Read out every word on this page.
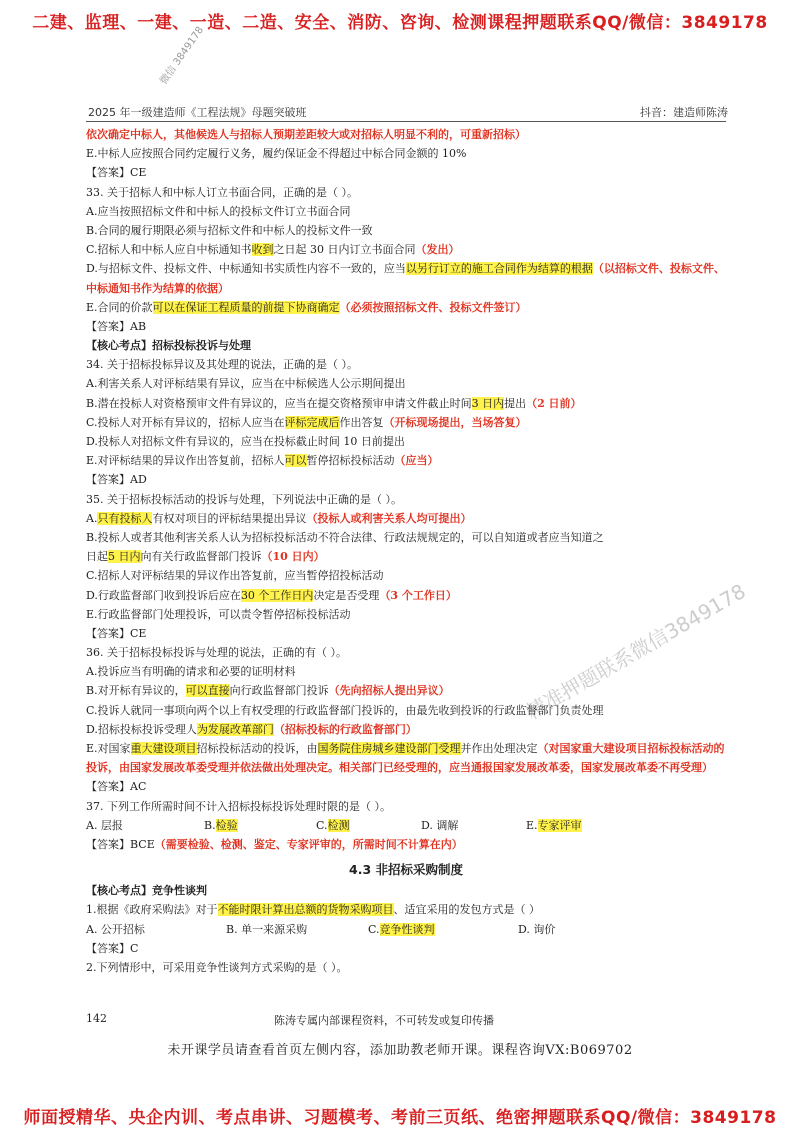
二建、监理、一建、一造、二造、安全、消防、咨询、检测课程押题联系QQ/微信：3849178
微信 3849178
2025 年一级建造师《工程法规》母题突破班	抖音：建造师陈涛
依次确定中标人，其他候选人与招标人预期差距较大或对招标人明显不利的，可重新招标）
E.中标人应按照合同约定履行义务，履约保证金不得超过中标合同金额的 10%
【答案】CE
33. 关于招标人和中标人订立书面合同，正确的是（ ）。
A.应当按照招标文件和中标人的投标文件订立书面合同
B.合同的履行期限必须与招标文件和中标人的投标文件一致
C.招标人和中标人应自中标通知书收到之日起 30 日内订立书面合同（发出）
D.与招标文件、投标文件、中标通知书实质性内容不一致的，应当以另行订立的施工合同作为结算的根据（以招标文件、投标文件、中标通知书作为结算的依据）
E.合同的价款可以在保证工程质量的前提下协商确定（必须按照招标文件、投标文件签订）
【答案】AB
【核心考点】招标投标投诉与处理
34. 关于招标投标异议及其处理的说法，正确的是（ ）。
A.利害关系人对评标结果有异议，应当在中标候选人公示期间提出
B.潜在投标人对资格预审文件有异议的，应当在提交资格预审申请文件截止时间3 日内提出（2 日前）
C.投标人对开标有异议的，招标人应当在评标完成后作出答复（开标现场提出，当场答复）
D.投标人对招标文件有异议的，应当在投标截止时间 10 日前提出
E.对评标结果的异议作出答复前，招标人可以暂停招标投标活动（应当）
【答案】AD
35. 关于招标投标活动的投诉与处理，下列说法中正确的是（ ）。
A.只有投标人有权对项目的评标结果提出异议（投标人或利害关系人均可提出）
B.投标人或者其他利害关系人认为招标投标活动不符合法律、行政法规规定的，可以自知道或者应当知道之
日起5 日内向有关行政监督部门投诉（10 日内）
C.招标人对评标结果的异议作出答复前，应当暂停招投标活动
D.行政监督部门收到投诉后应在30 个工作日内决定是否受理（3 个工作日）
E.行政监督部门处理投诉，可以责令暂停招标投标活动
【答案】CE
36. 关于招标投标投诉与处理的说法，正确的有（ ）。
A.投诉应当有明确的请求和必要的证明材料
B.对开标有异议的，可以直接向行政监督部门投诉（先向招标人提出异议）
C.投诉人就同一事项向两个以上有权受理的行政监督部门投诉的，由最先收到投诉的行政监督部门负责处理
D.招标投标投诉受理人为发展改革部门（招标投标的行政监督部门）
E.对国家重大建设项目招标投标活动的投诉，由国务院住房城乡建设部门受理并作出处理决定（对国家重大建设项目招标投标活动的投诉，由国家发展改革委受理并依法做出处理决定。相关部门已经受理的，应当通报国家发展改革委，国家发展改革委不再受理）
【答案】AC
37. 下列工作所需时间不计入招标投标投诉处理时限的是（ ）。
A. 层报	B.检验	C.检测	D. 调解	E.专家评审
【答案】BCE（需要检验、检测、鉴定、专家评审的，所需时间不计算在内）
4.3 非招标采购制度
【核心考点】竞争性谈判
1.根据《政府采购法》对于不能时限计算出总额的货物采购项目、适宜采用的发包方式是（ ）
A. 公开招标	B. 单一来源采购	C.竞争性谈判	D. 询价
【答案】C
2.下列情形中，可采用竞争性谈判方式采购的是（ ）。
精准押题联系微信3849178
142	陈涛专属内部课程资料，不可转发或复印传播
未开课学员请查看首页左侧内容，添加助教老师开课。课程咨询VX:B069702
师面授精华、央企内训、考点串讲、习题模考、考前三页纸、绝密押题联系QQ/微信：3849178
